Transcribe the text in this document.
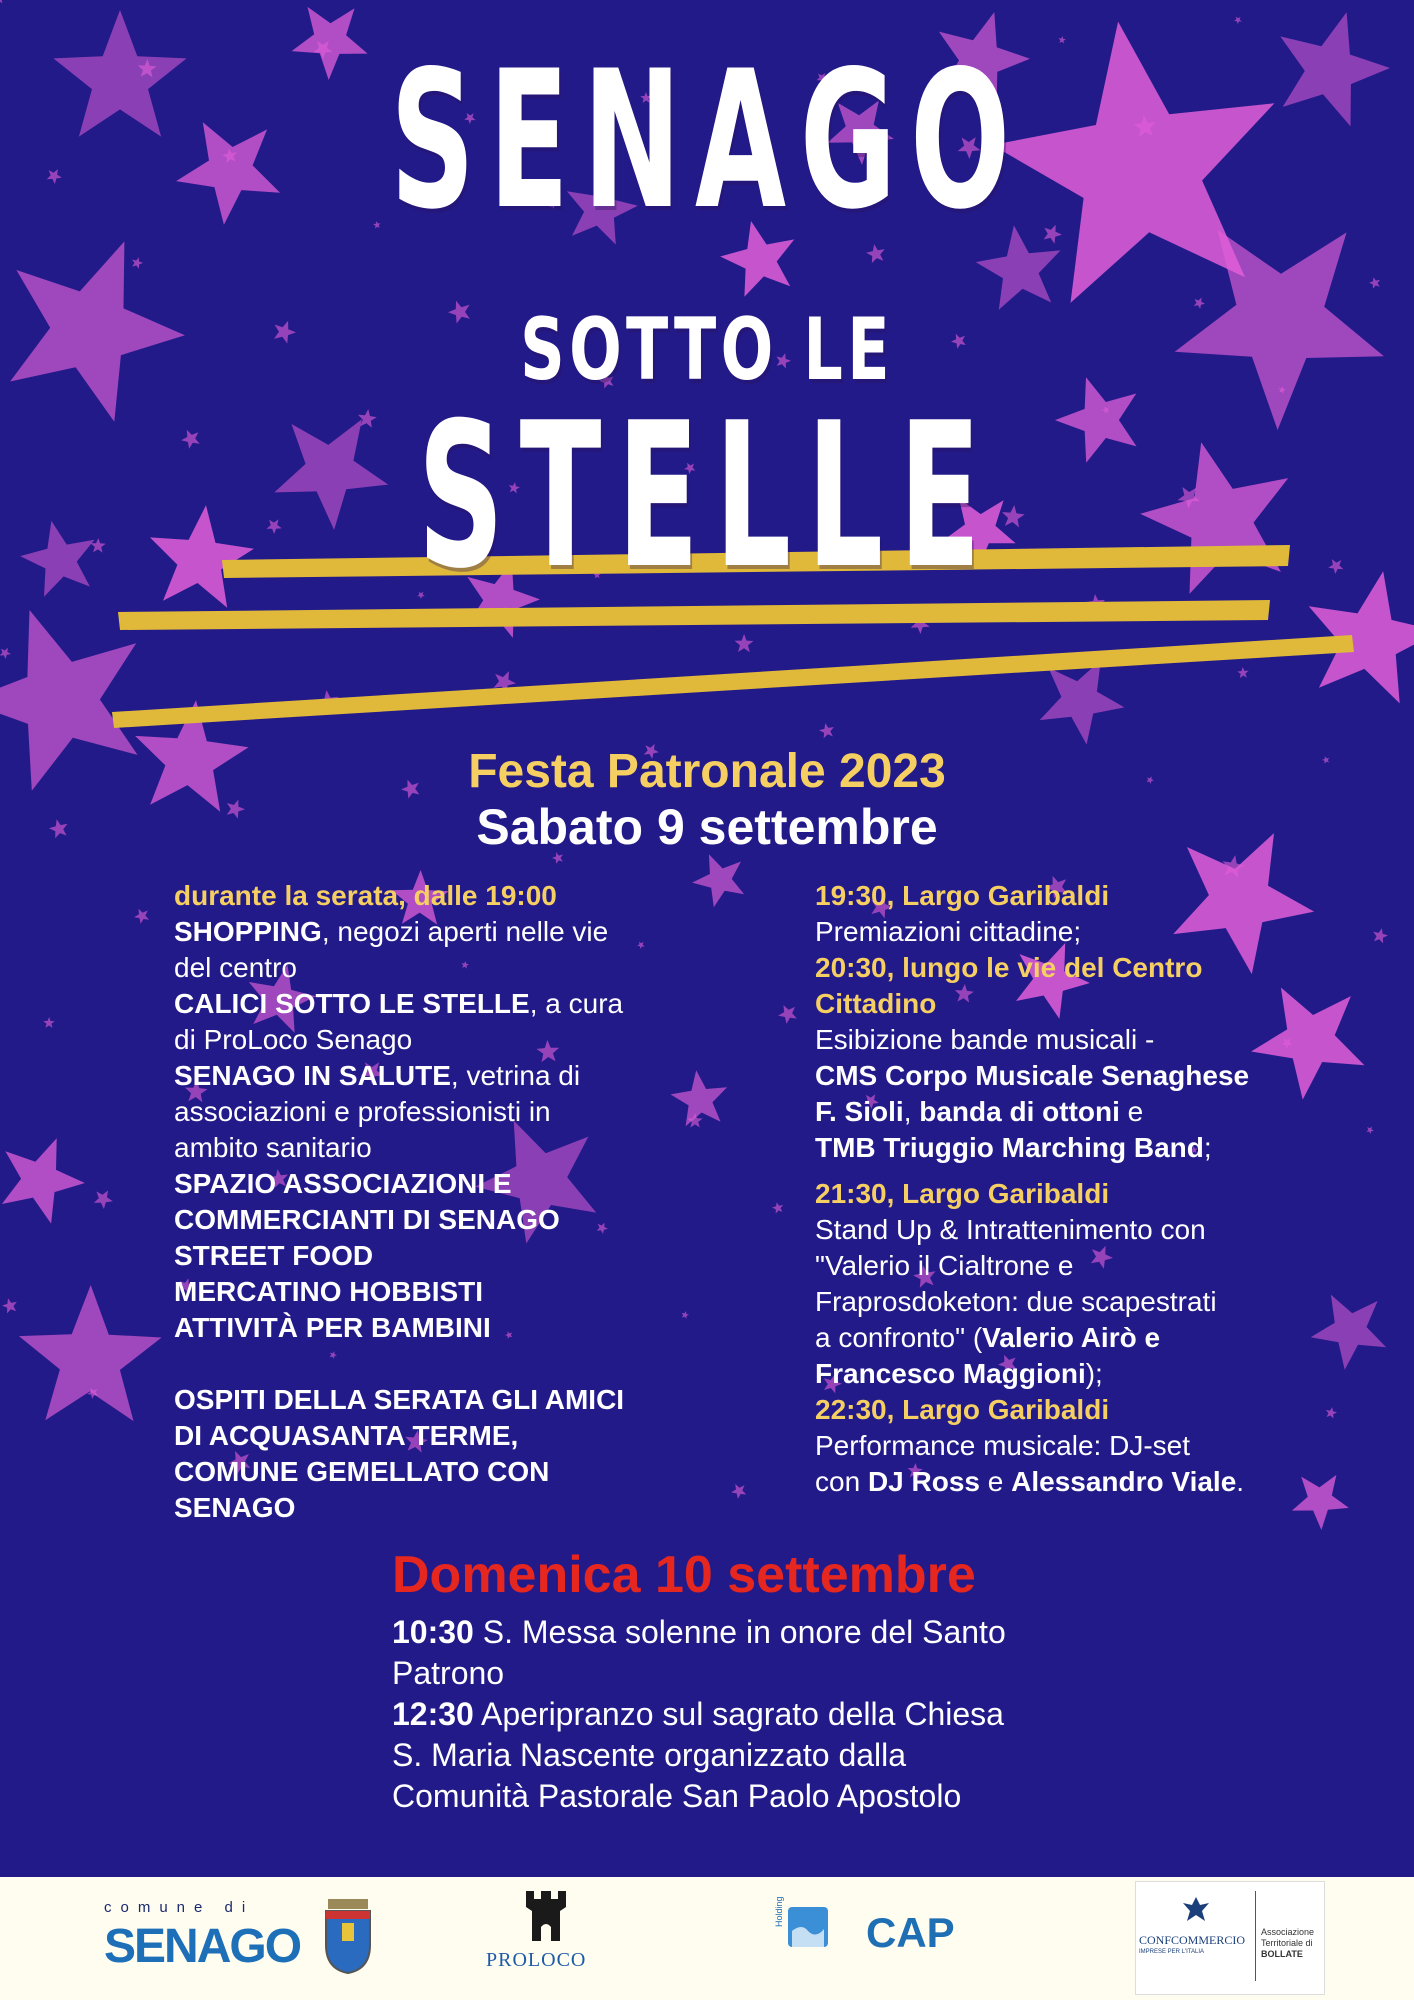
SENAGO
SOTTO LE
STELLE
Festa Patronale 2023
Sabato 9 settembre
durante la serata, dalle 19:00
SHOPPING, negozi aperti nelle vie
del centro
CALICI SOTTO LE STELLE, a cura
di ProLoco Senago
SENAGO IN SALUTE, vetrina di
associazioni e professionisti in
ambito sanitario
SPAZIO ASSOCIAZIONI E
COMMERCIANTI DI SENAGO
STREET FOOD
MERCATINO HOBBISTI
ATTIVITÀ PER BAMBINI
OSPITI DELLA SERATA GLI AMICI
DI ACQUASANTA TERME,
COMUNE GEMELLATO CON
SENAGO
19:30, Largo Garibaldi
Premiazioni cittadine;
20:30, lungo le vie del Centro
Cittadino
Esibizione bande musicali -
CMS Corpo Musicale Senaghese
F. Sioli, banda di ottoni e
TMB Triuggio Marching Band;
21:30, Largo Garibaldi
Stand Up & Intrattenimento con
"Valerio il Cialtrone e
Fraprosdoketon: due scapestrati
a confronto" (Valerio Airò e
Francesco Maggioni);
22:30, Largo Garibaldi
Performance musicale: DJ-set
con DJ Ross e Alessandro Viale.
Domenica 10 settembre
10:30 S. Messa solenne in onore del Santo
Patrono
12:30 Aperipranzo sul sagrato della Chiesa
S. Maria Nascente organizzato dalla
Comunità Pastorale San Paolo Apostolo
comune di
SENAGO	PROLOCO
Holding CAP	CONFCOMMERCIO
IMPRESE PER L'ITALIA
Associazione
Territoriale di
BOLLATE
